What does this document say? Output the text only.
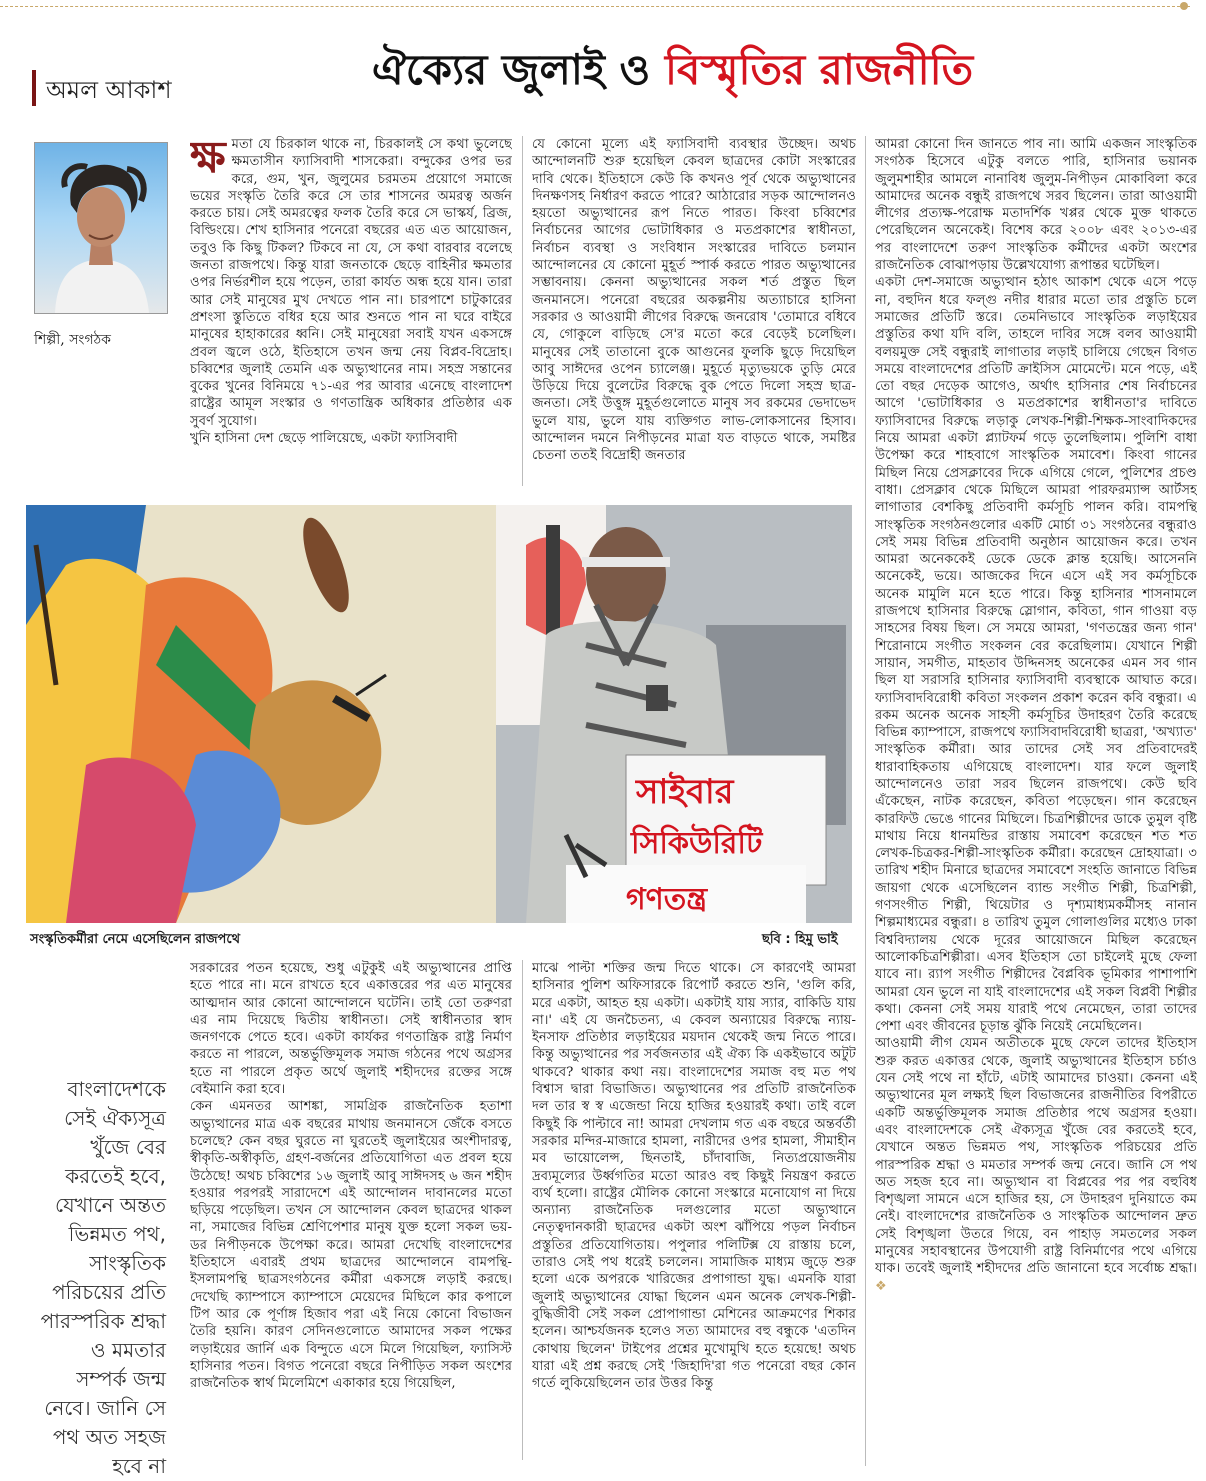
ঐক্যের জুলাই ও বিস্মৃতির রাজনীতি
অমল আকাশ
শিল্পী, সংগঠক
ক্ষ মতা যে চিরকাল থাকে না, চিরকালই সে কথা ভুলেছে ক্ষমতাসীন ফ্যাসিবাদী শাসকেরা। বন্দুকের ওপর ভর করে, গুম, খুন, জুলুমের চরমতম প্রয়োগে সমাজে ভয়ের সংস্কৃতি তৈরি করে সে তার শাসনের অমরত্ব অর্জন করতে চায়। সেই অমরত্বের ফলক তৈরি করে সে ভাস্কর্য, ব্রিজ, বিল্ডিংয়ে। শেখ হাসিনার পনেরো বছরের এত এত আয়োজন, তবুও কি কিছু টিকল? টিকবে না যে, সে কথা বারবার বলেছে জনতা রাজপথে। কিন্তু যারা জনতাকে ছেড়ে বাহিনীর ক্ষমতার ওপর নির্ভরশীল হয়ে পড়েন, তারা কার্যত অন্ধ হয়ে যান। তারা আর সেই মানুষের মুখ দেখতে পান না। চারপাশে চাটুকারের প্রশংসা স্তুতিতে বধির হয়ে আর শুনতে পান না ঘরে বাইরে মানুষের হাহাকারের ধ্বনি। সেই মানুষেরা সবাই যখন একসঙ্গে প্রবল জ্বলে ওঠে, ইতিহাসে তখন জন্ম নেয় বিপ্লব-বিদ্রোহ। চব্বিশের জুলাই তেমনি এক অভ্যুত্থানের নাম। সহস্র সন্তানের বুকের খুনের বিনিময়ে ৭১-এর পর আবার এনেছে বাংলাদেশ রাষ্ট্রের আমূল সংস্কার ও গণতান্ত্রিক অধিকার প্রতিষ্ঠার এক সুবর্ণ সুযোগ।

খুনি হাসিনা দেশ ছেড়ে পালিয়েছে, একটা ফ্যাসিবাদী

যে কোনো মূল্যে এই ফ্যাসিবাদী ব্যবস্থার উচ্ছেদ। অথচ আন্দোলনটি শুরু হয়েছিল কেবল ছাত্রদের কোটা সংস্কারের দাবি থেকে। ইতিহাসে কেউ কি কখনও পূর্ব থেকে অভ্যুত্থানের দিনক্ষণসহ নির্ধারণ করতে পারে? আঠারোর সড়ক আন্দোলনও হয়তো অভ্যুত্থানের রূপ নিতে পারত। কিংবা চব্বিশের নির্বাচনের আগের ভোটাধিকার ও মতপ্রকাশের স্বাধীনতা, নির্বাচন ব্যবস্থা ও সংবিধান সংস্কারের দাবিতে চলমান আন্দোলনের যে কোনো মুহূর্ত স্পার্ক করতে পারত অভ্যুত্থানের সম্ভাবনায়। কেননা অভ্যুত্থানের সকল শর্ত প্রস্তুত ছিল জনমানসে। পনেরো বছরের অকল্পনীয় অত্যাচারে হাসিনা সরকার ও আওয়ামী লীগের বিরুদ্ধে জনরোষ 'তোমারে বধিবে যে, গোকুলে বাড়িছে সে'র মতো করে বেড়েই চলেছিল। মানুষের সেই তাতানো বুকে আগুনের ফুলকি ছুড়ে দিয়েছিল আবু সাঈদের ওপেন চ্যালেঞ্জ। মুহূর্তে মৃত্যুভয়কে তুড়ি মেরে উড়িয়ে দিয়ে বুলেটের বিরুদ্ধে বুক পেতে দিলো সহস্র ছাত্র-জনতা। সেই উত্তুঙ্গ মুহূর্তগুলোতে মানুষ সব রকমের ভেদাভেদ ভুলে যায়, ভুলে যায় ব্যক্তিগত লাভ-লোকসানের হিসাব। আন্দোলন দমনে নিপীড়নের মাত্রা যত বাড়তে থাকে, সমষ্টির চেতনা ততই বিদ্রোহী জনতার

আমরা কোনো দিন জানতে পাব না। আমি একজন সাংস্কৃতিক সংগঠক হিসেবে এটুকু বলতে পারি, হাসিনার ভয়ানক জুলুমশাহীর আমলে নানাবিধ জুলুম-নিপীড়ন মোকাবিলা করে আমাদের অনেক বন্ধুই রাজপথে সরব ছিলেন। তারা আওয়ামী লীগের প্রত্যক্ষ-পরোক্ষ মতাদর্শিক খপ্পর থেকে মুক্ত থাকতে পেরেছিলেন অনেকেই। বিশেষ করে ২০০৮ এবং ২০১৩-এর পর বাংলাদেশে তরুণ সাংস্কৃতিক কর্মীদের একটা অংশের রাজনৈতিক বোঝাপড়ায় উল্লেখযোগ্য রূপান্তর ঘটেছিল।

একটা দেশ-সমাজে অভ্যুত্থান হঠাৎ আকাশ থেকে এসে পড়ে না, বহুদিন ধরে ফল্গু নদীর ধারার মতো তার প্রস্তুতি চলে সমাজের প্রতিটি স্তরে। তেমনিভাবে সাংস্কৃতিক লড়াইয়ের প্রস্তুতির কথা যদি বলি, তাহলে দাবির সঙ্গে বলব আওয়ামী বলয়মুক্ত সেই বন্ধুরাই লাগাতার লড়াই চালিয়ে গেছেন বিগত সময়ে বাংলাদেশের প্রতিটি ক্রাইসিস মোমেন্টে। মনে পড়ে, এই তো বছর দেড়েক আগেও, অর্থাৎ হাসিনার শেষ নির্বাচনের আগে 'ভোটাধিকার ও মতপ্রকাশের স্বাধীনতা'র দাবিতে ফ্যাসিবাদের বিরুদ্ধে লড়াকু লেখক-শিল্পী-শিক্ষক-সাংবাদিকদের নিয়ে আমরা একটা প্ল্যাটফর্ম গড়ে তুলেছিলাম। পুলিশি বাধা উপেক্ষা করে শাহবাগে সাংস্কৃতিক সমাবেশ। কিংবা গানের মিছিল নিয়ে প্রেসক্লাবের দিকে এগিয়ে গেলে, পুলিশের প্রচণ্ড বাধা। প্রেসক্লাব থেকে মিছিলে আমরা পারফরম্যান্স আর্টসহ লাগাতার বেশকিছু প্রতিবাদী কর্মসূচি পালন করি। বামপন্থি সাংস্কৃতিক সংগঠনগুলোর একটি মোর্চা ৩১ সংগঠনের বন্ধুরাও সেই সময় বিভিন্ন প্রতিবাদী অনুষ্ঠান আয়োজন করে। তখন আমরা অনেককেই ডেকে ডেকে ক্লান্ত হয়েছি। আসেননি অনেকেই, ভয়ে। আজকের দিনে এসে এই সব কর্মসূচিকে অনেক মামুলি মনে হতে পারে। কিন্তু হাসিনার শাসনামলে রাজপথে হাসিনার বিরুদ্ধে স্লোগান, কবিতা, গান গাওয়া বড় সাহসের বিষয় ছিল। সে সময়ে আমরা, 'গণতন্ত্রের জন্য গান' শিরোনামে সংগীত সংকলন বের করেছিলাম। যেখানে শিল্পী সায়ান, সমগীত, মাহতাব উদ্দিনসহ অনেকের এমন সব গান ছিল যা সরাসরি হাসিনার ফ্যাসিবাদী ব্যবস্থাকে আঘাত করে। ফ্যাসিবাদবিরোধী কবিতা সংকলন প্রকাশ করেন কবি বন্ধুরা। এ রকম অনেক অনেক সাহসী কর্মসূচির উদাহরণ তৈরি করেছে বিভিন্ন ক্যাম্পাসে, রাজপথে ফ্যাসিবাদবিরোধী ছাত্ররা, 'অখ্যাত' সাংস্কৃতিক কর্মীরা। আর তাদের সেই সব প্রতিবাদেরই ধারাবাহিকতায় এগিয়েছে বাংলাদেশ। যার ফলে জুলাই আন্দোলনেও তারা সরব ছিলেন রাজপথে। কেউ ছবি এঁকেছেন, নাটক করেছেন, কবিতা পড়েছেন। গান করেছেন কারফিউ ভেঙে গানের মিছিলে। চিত্রশিল্পীদের ডাকে তুমুল বৃষ্টি মাথায় নিয়ে ধানমন্ডির রাস্তায় সমাবেশ করেছেন শত শত লেখক-চিত্রকর-শিল্পী-সাংস্কৃতিক কর্মীরা। করেছেন দ্রোহযাত্রা। ৩ তারিখ শহীদ মিনারে ছাত্রদের সমাবেশে সংহতি জানাতে বিভিন্ন জায়গা থেকে এসেছিলেন ব্যান্ড সংগীত শিল্পী, চিত্রশিল্পী, গণসংগীত শিল্পী, থিয়েটার ও দৃশ্যমাধ্যমকর্মীসহ নানান শিল্পমাধ্যমের বন্ধুরা। ৪ তারিখ তুমুল গোলাগুলির মধ্যেও ঢাকা বিশ্ববিদ্যালয় থেকে দূরের আয়োজনে মিছিল করেছেন আলোকচিত্রশিল্পীরা। এসব ইতিহাস তো চাইলেই মুছে ফেলা যাবে না। র‍্যাপ সংগীত শিল্পীদের বৈপ্লবিক ভূমিকার পাশাপাশি আমরা যেন ভুলে না যাই বাংলাদেশের এই সকল বিপ্লবী শিল্পীর কথা। কেননা সেই সময় যারাই পথে নেমেছেন, তারা তাদের পেশা এবং জীবনের চূড়ান্ত ঝুঁকি নিয়েই নেমেছিলেন।

আওয়ামী লীগ যেমন অতীতকে মুছে ফেলে তাদের ইতিহাস শুরু করত একাত্তর থেকে, জুলাই অভ্যুত্থানের ইতিহাস চর্চাও যেন সেই পথে না হাঁটে, এটাই আমাদের চাওয়া। কেননা এই অভ্যুত্থানের মূল লক্ষ্যই ছিল বিভাজনের রাজনীতির বিপরীতে একটি অন্তর্ভুক্তিমূলক সমাজ প্রতিষ্ঠার পথে অগ্রসর হওয়া। এবং বাংলাদেশকে সেই ঐক্যসূত্র খুঁজে বের করতেই হবে, যেখানে অন্তত ভিন্নমত পথ, সাংস্কৃতিক পরিচয়ের প্রতি পারস্পরিক শ্রদ্ধা ও মমতার সম্পর্ক জন্ম নেবে। জানি সে পথ অত সহজ হবে না। অভ্যুত্থান বা বিপ্লবের পর পর বহুবিধ বিশৃঙ্খলা সামনে এসে হাজির হয়, সে উদাহরণ দুনিয়াতে কম নেই। বাংলাদেশের রাজনৈতিক ও সাংস্কৃতিক আন্দোলন দ্রুত সেই বিশৃঙ্খলা উতরে গিয়ে, বন পাহাড় সমতলের সকল মানুষের সহাবস্থানের উপযোগী রাষ্ট্র বিনির্মাণের পথে এগিয়ে যাক। তবেই জুলাই শহীদদের প্রতি জানানো হবে সর্বোচ্চ শ্রদ্ধা। ❖

সাইবার
সিকিউরিটি
গণতন্ত্র
সংস্কৃতিকর্মীরা নেমে এসেছিলেন রাজপথে	ছবি : হিমু ভাই
বাংলাদেশকে সেই ঐক্যসূত্র খুঁজে বের করতেই হবে, যেখানে অন্তত ভিন্নমত পথ, সাংস্কৃতিক পরিচয়ের প্রতি পারস্পরিক শ্রদ্ধা ও মমতার সম্পর্ক জন্ম নেবে। জানি সে পথ অত সহজ হবে না

সরকারের পতন হয়েছে, শুধু এটুকুই এই অভ্যুত্থানের প্রাপ্তি হতে পারে না। মনে রাখতে হবে একাত্তরের পর এত মানুষের আত্মদান আর কোনো আন্দোলনে ঘটেনি। তাই তো তরুণরা এর নাম দিয়েছে দ্বিতীয় স্বাধীনতা। সেই স্বাধীনতার স্বাদ জনগণকে পেতে হবে। একটা কার্যকর গণতান্ত্রিক রাষ্ট্র নির্মাণ করতে না পারলে, অন্তর্ভুক্তিমূলক সমাজ গঠনের পথে অগ্রসর হতে না পারলে প্রকৃত অর্থে জুলাই শহীদদের রক্তের সঙ্গে বেইমানি করা হবে।

কেন এমনতর আশঙ্কা, সামগ্রিক রাজনৈতিক হতাশা অভ্যুত্থানের মাত্র এক বছরের মাথায় জনমানসে জেঁকে বসতে চলেছে? কেন বছর ঘুরতে না ঘুরতেই জুলাইয়ের অংশীদারত্ব, স্বীকৃতি-অস্বীকৃতি, গ্রহণ-বর্জনের প্রতিযোগিতা এত প্রবল হয়ে উঠেছে! অথচ চব্বিশের ১৬ জুলাই আবু সাঈদসহ ৬ জন শহীদ হওয়ার পরপরই সারাদেশে এই আন্দোলন দাবানলের মতো ছড়িয়ে পড়েছিল। তখন সে আন্দোলন কেবল ছাত্রদের থাকল না, সমাজের বিভিন্ন শ্রেণিপেশার মানুষ যুক্ত হলো সকল ভয়-ডর নিপীড়নকে উপেক্ষা করে। আমরা দেখেছি বাংলাদেশের ইতিহাসে এবারই প্রথম ছাত্রদের আন্দোলনে বামপন্থি-ইসলামপন্থি ছাত্রসংগঠনের কর্মীরা একসঙ্গে লড়াই করছে। দেখেছি ক্যাম্পাসে ক্যাম্পাসে মেয়েদের মিছিলে কার কপালে টিপ আর কে পূর্ণাঙ্গ হিজাব পরা এই নিয়ে কোনো বিভাজন তৈরি হয়নি। কারণ সেদিনগুলোতে আমাদের সকল পক্ষের লড়াইয়ের জার্নি এক বিন্দুতে এসে মিলে গিয়েছিল, ফ্যাসিস্ট হাসিনার পতন। বিগত পনেরো বছরে নিপীড়িত সকল অংশের রাজনৈতিক স্বার্থ মিলেমিশে একাকার হয়ে গিয়েছিল,

মাঝে পাল্টা শক্তির জন্ম দিতে থাকে। সে কারণেই আমরা হাসিনার পুলিশ অফিসারকে রিপোর্ট করতে শুনি, 'গুলি করি, মরে একটা, আহত হয় একটা। একটাই যায় স্যার, বাকিডি যায় না।' এই যে জনচৈতন্য, এ কেবল অন্যায়ের বিরুদ্ধে ন্যায়-ইনসাফ প্রতিষ্ঠার লড়াইয়ের ময়দান থেকেই জন্ম নিতে পারে। কিন্তু অভ্যুত্থানের পর সর্বজনতার এই ঐক্য কি একইভাবে অটুট থাকবে? থাকার কথা নয়। বাংলাদেশের সমাজ বহু মত পথ বিশ্বাস দ্বারা বিভাজিত। অভ্যুত্থানের পর প্রতিটি রাজনৈতিক দল তার স্ব স্ব এজেন্ডা নিয়ে হাজির হওয়ারই কথা। তাই বলে কিছুই কি পাল্টাবে না! আমরা দেখলাম গত এক বছরে অন্তর্বর্তী সরকার মন্দির-মাজারে হামলা, নারীদের ওপর হামলা, সীমাহীন মব ভায়োলেন্স, ছিনতাই, চাঁদাবাজি, নিত্যপ্রয়োজনীয় দ্রব্যমূল্যের উর্ধ্বগতির মতো আরও বহু কিছুই নিয়ন্ত্রণ করতে ব্যর্থ হলো। রাষ্ট্রের মৌলিক কোনো সংস্কারে মনোযোগ না দিয়ে অন্যান্য রাজনৈতিক দলগুলোর মতো অভ্যুত্থানে নেতৃত্বদানকারী ছাত্রদের একটা অংশ ঝাঁপিয়ে পড়ল নির্বাচন প্রস্তুতির প্রতিযোগিতায়। পপুলার পলিটিক্স যে রাস্তায় চলে, তারাও সেই পথ ধরেই চললেন। সামাজিক মাধ্যম জুড়ে শুরু হলো একে অপরকে খারিজের প্রপাগান্ডা যুদ্ধ। এমনকি যারা জুলাই অভ্যুত্থানের যোদ্ধা ছিলেন এমন অনেক লেখক-শিল্পী-বুদ্ধিজীবী সেই সকল প্রোপাগান্ডা মেশিনের আক্রমণের শিকার হলেন। আশ্চর্যজনক হলেও সত্য আমাদের বহু বন্ধুকে 'এতদিন কোথায় ছিলেন' টাইপের প্রশ্নের মুখোমুখি হতে হয়েছে! অথচ যারা এই প্রশ্ন করছে সেই 'জিহাদি'রা গত পনেরো বছর কোন গর্তে লুকিয়েছিলেন তার উত্তর কিন্তু
